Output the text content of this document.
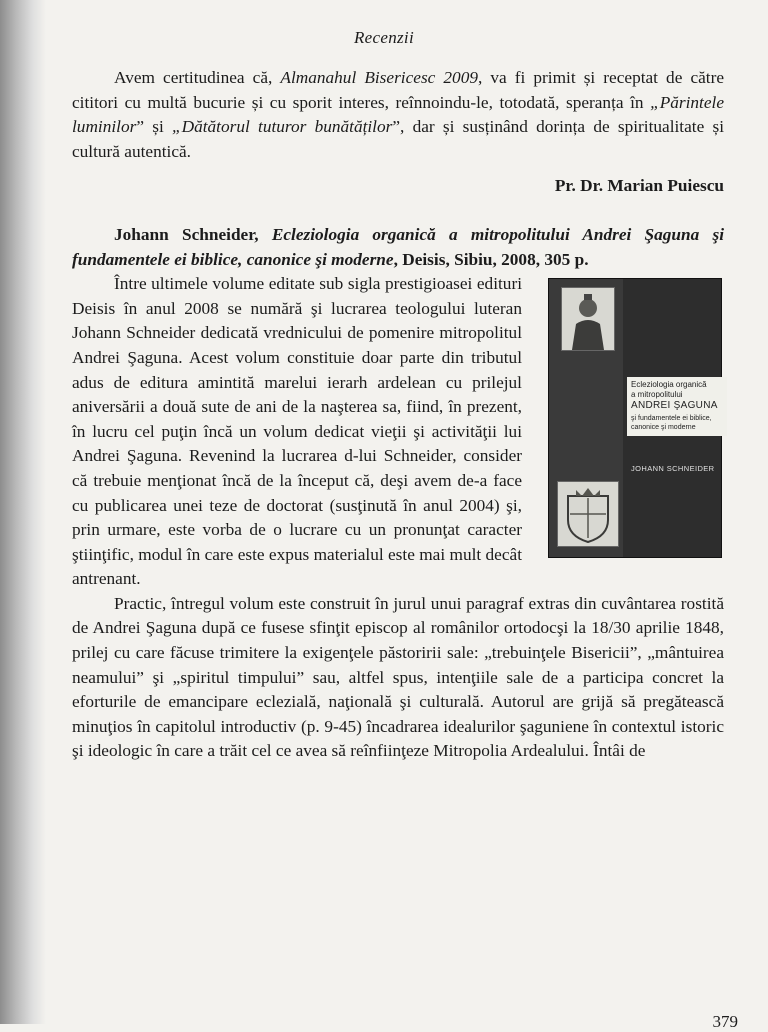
Recenzii

Avem certitudinea că, Almanahul Bisericesc 2009, va fi primit și receptat de către cititori cu multă bucurie și cu sporit interes, reînnoindu-le, totodată, speranța în „Părintele luminilor” și „Dătătorul tuturor bunătăților”, dar și susținând dorința de spiritualitate și cultură autentică.

Pr. Dr. Marian Puiescu

Johann Schneider, Ecleziologia organică a mitropolitului Andrei Şaguna şi fundamentele ei biblice, canonice şi moderne, Deisis, Sibiu, 2008, 305 p.

Ecleziologia organică
a mitropolitului
ANDREI ŞAGUNA
şi fundamentele ei biblice, canonice şi moderne
JOHANN SCHNEIDER

Între ultimele volume editate sub sigla prestigioasei edituri Deisis în anul 2008 se numără şi lucrarea teologului luteran Johann Schneider dedicată vrednicului de pomenire mitropolitul Andrei Şaguna. Acest volum constituie doar parte din tributul adus de editura amintită marelui ierarh ardelean cu prilejul aniversării a două sute de ani de la naşterea sa, fiind, în prezent, în lucru cel puţin încă un volum dedicat vieţii şi activităţii lui Andrei Şaguna. Revenind la lucrarea d-lui Schneider, consider că trebuie menţionat încă de la început că, deşi avem de-a face cu publicarea unei teze de doctorat (susţinută în anul 2004) şi, prin urmare, este vorba de o lucrare cu un pronunţat caracter ştiinţific, modul în care este expus materialul este mai mult decât antrenant.

Practic, întregul volum este construit în jurul unui paragraf extras din cuvântarea rostită de Andrei Şaguna după ce fusese sfinţit episcop al românilor ortodocşi la 18/30 aprilie 1848, prilej cu care făcuse trimitere la exigenţele păstoririi sale: „trebuinţele Bisericii”, „mântuirea neamului” şi „spiritul timpului” sau, altfel spus, intenţiile sale de a participa concret la eforturile de emancipare eclezială, naţională şi culturală. Autorul are grijă să pregătească minuţios în capitolul introductiv (p. 9-45) încadrarea idealurilor şaguniene în contextul istoric şi ideologic în care a trăit cel ce avea să reînfiinţeze Mitropolia Ardealului. Întâi de

379
